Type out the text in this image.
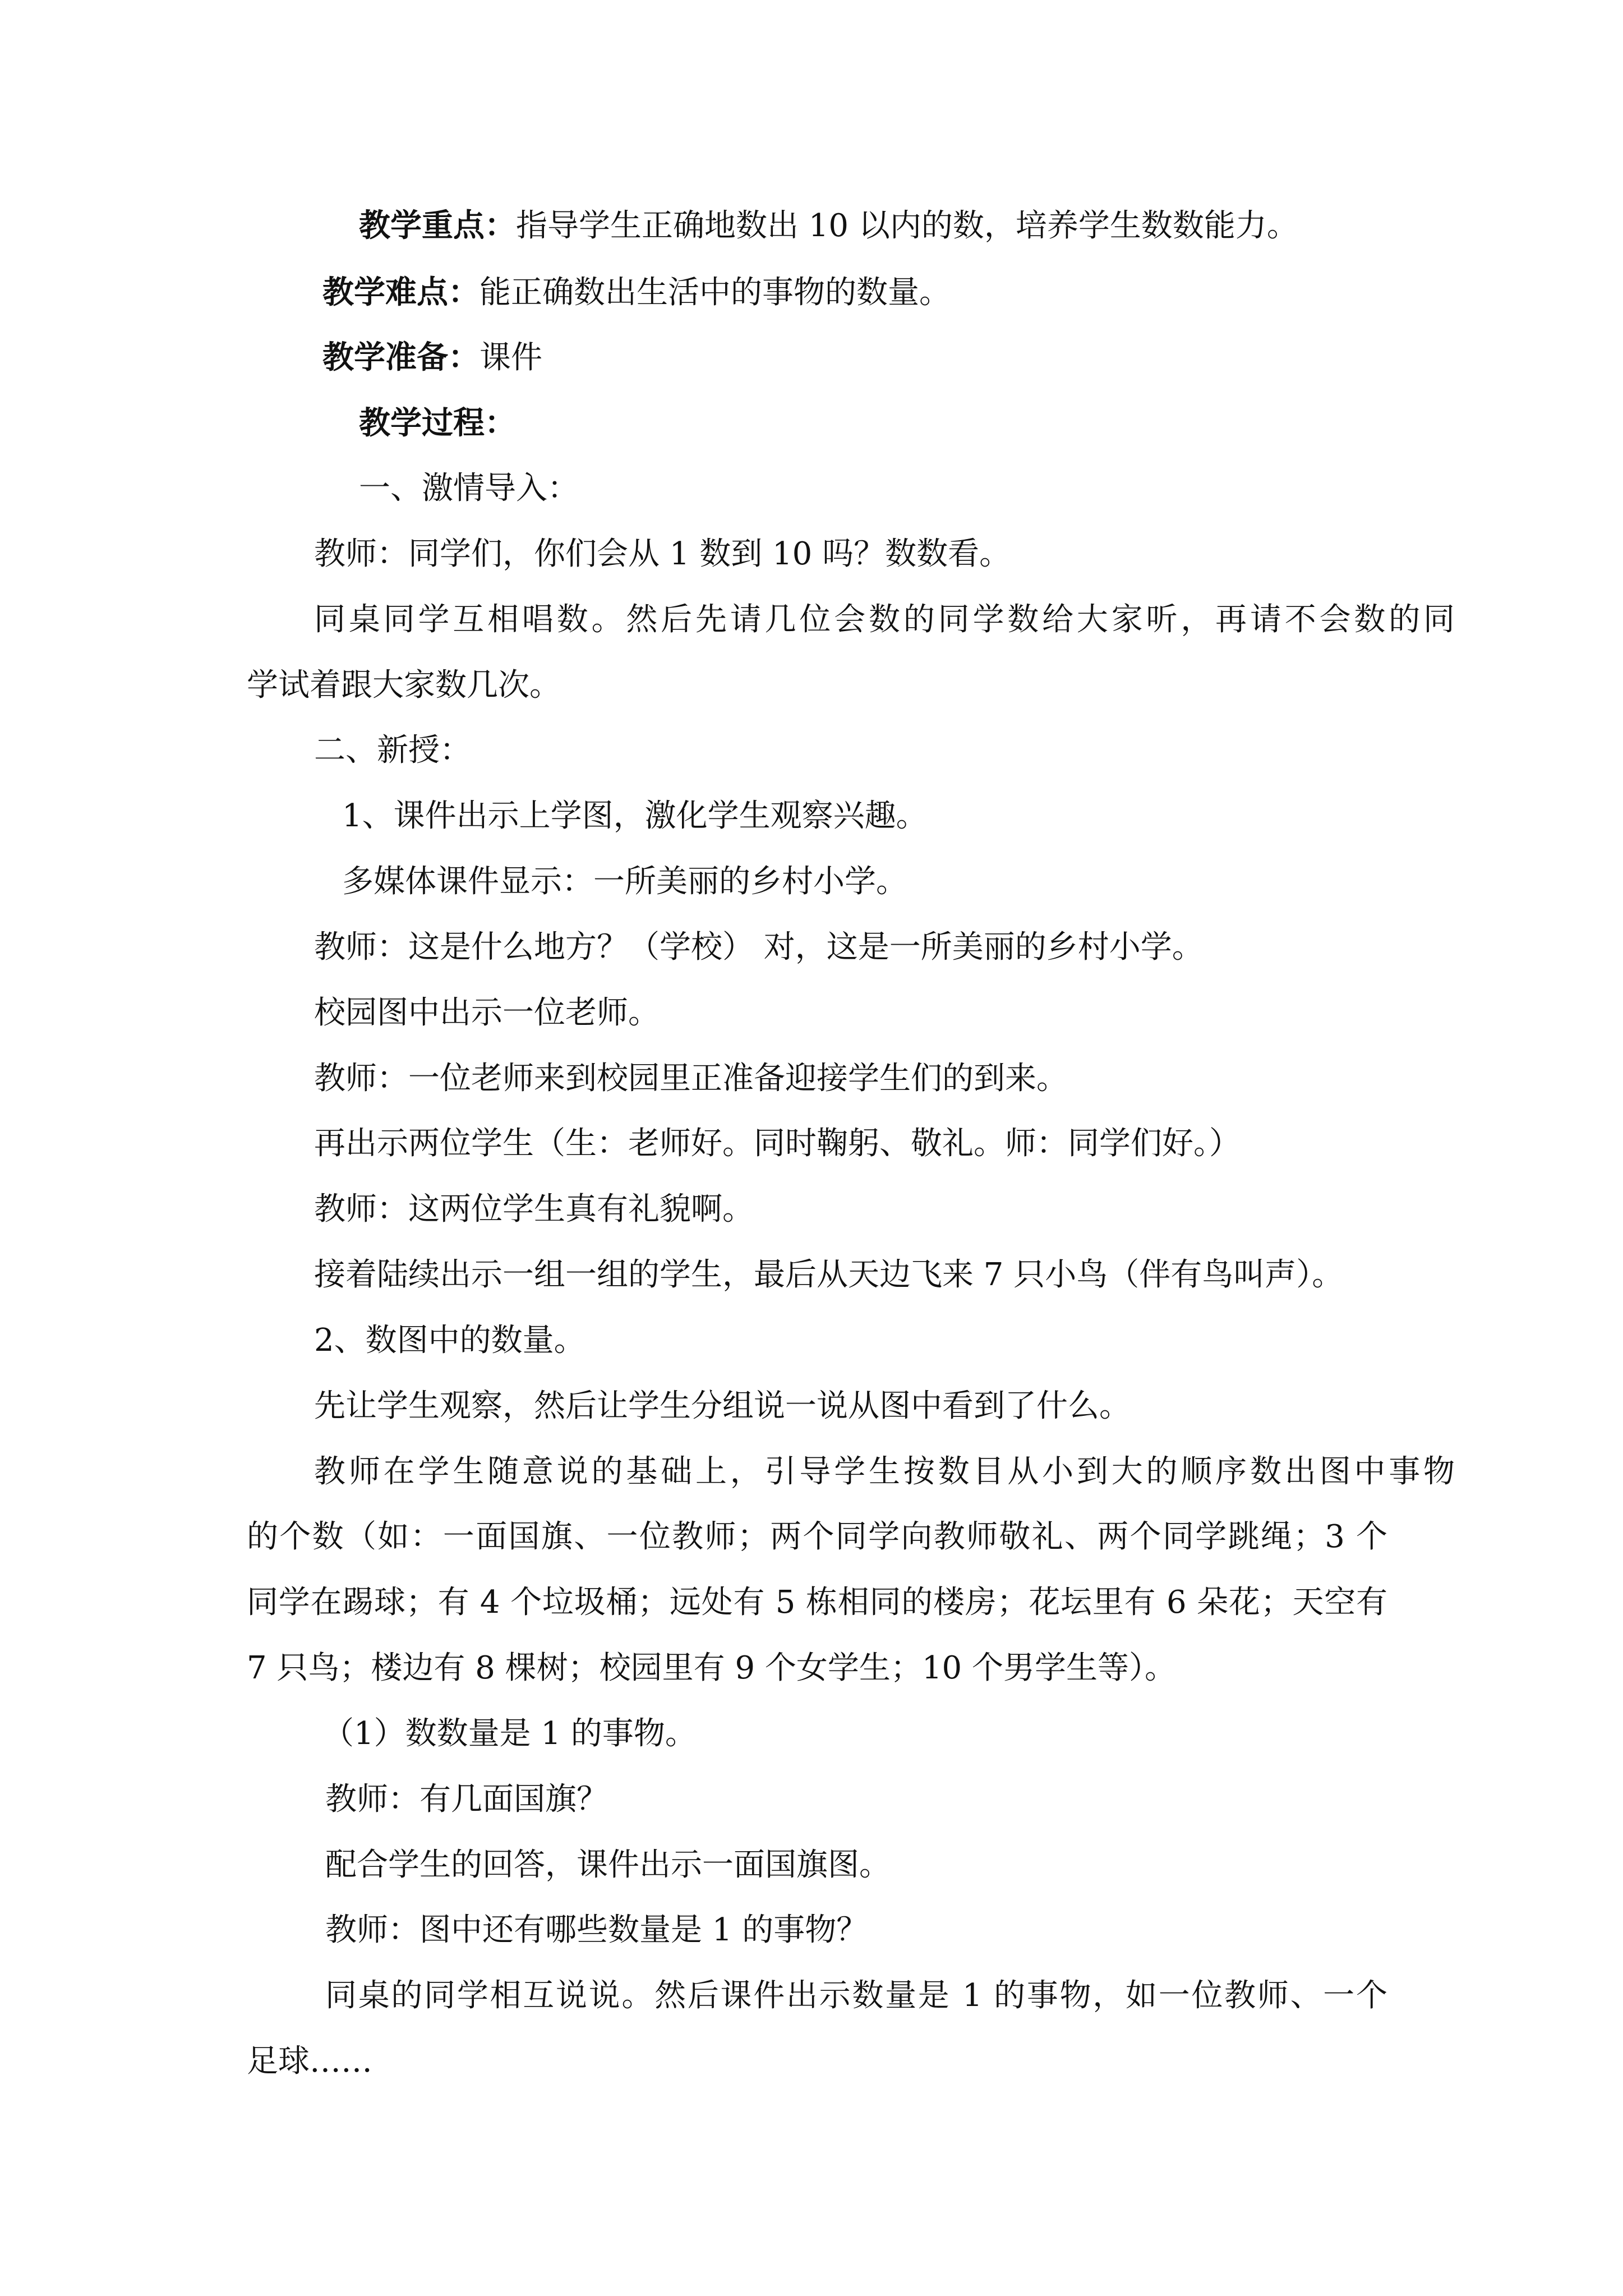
教学重点：指导学生正确地数出 10 以内的数，培养学生数数能力。

教学难点：能正确数出生活中的事物的数量。

教学准备：课件

教学过程：

一、激情导入：

教师：同学们，你们会从 1 数到 10 吗？数数看。

同桌同学互相唱数。然后先请几位会数的同学数给大家听，再请不会数的同

学试着跟大家数几次。

二、新授：

1、课件出示上学图，激化学生观察兴趣。

多媒体课件显示：一所美丽的乡村小学。

教师：这是什么地方？（学校） 对，这是一所美丽的乡村小学。

校园图中出示一位老师。

教师：一位老师来到校园里正准备迎接学生们的到来。

再出示两位学生（生：老师好。同时鞠躬、敬礼。师：同学们好。）

教师：这两位学生真有礼貌啊。

接着陆续出示一组一组的学生，最后从天边飞来 7 只小鸟（伴有鸟叫声）。

2、数图中的数量。

先让学生观察，然后让学生分组说一说从图中看到了什么。

教师在学生随意说的基础上，引导学生按数目从小到大的顺序数出图中事物

的个数（如：一面国旗、一位教师；两个同学向教师敬礼、两个同学跳绳；3 个

同学在踢球；有 4 个垃圾桶；远处有 5 栋相同的楼房；花坛里有 6 朵花；天空有

7 只鸟；楼边有 8 棵树；校园里有 9 个女学生；10 个男学生等）。

（1）数数量是 1 的事物。

教师：有几面国旗？

配合学生的回答，课件出示一面国旗图。

教师：图中还有哪些数量是 1 的事物？

同桌的同学相互说说。然后课件出示数量是 1 的事物，如一位教师、一个

足球……
